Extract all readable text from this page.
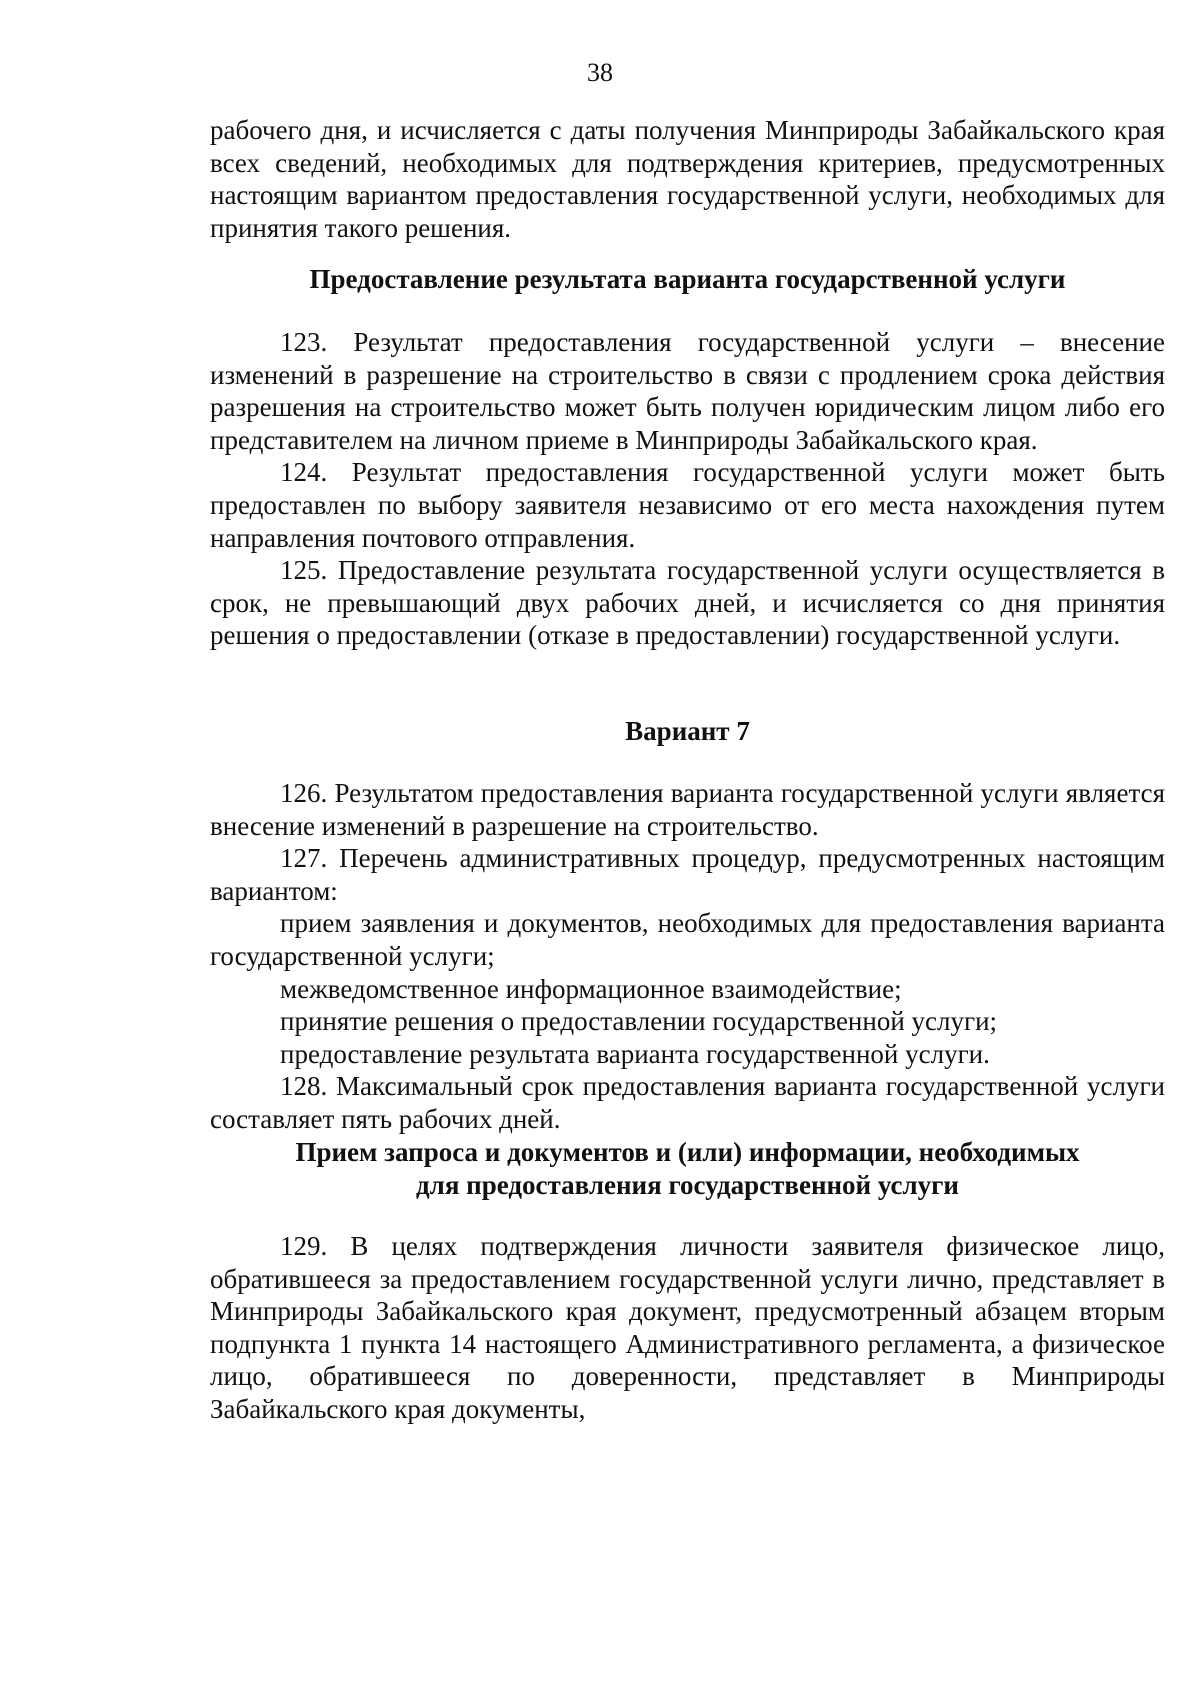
38

рабочего дня, и исчисляется с даты получения Минприроды Забайкальского края всех сведений, необходимых для подтверждения критериев, предусмотренных настоящим вариантом предоставления государственной услуги, необходимых для принятия такого решения.

Предоставление результата варианта государственной услуги

123. Результат предоставления государственной услуги – внесение изменений в разрешение на строительство в связи с продлением срока действия разрешения на строительство может быть получен юридическим лицом либо его представителем на личном приеме в Минприроды Забайкальского края.

124. Результат предоставления государственной услуги может быть предоставлен по выбору заявителя независимо от его места нахождения путем направления почтового отправления.

125. Предоставление результата государственной услуги осуществляется в срок, не превышающий двух рабочих дней, и исчисляется со дня принятия решения о предоставлении (отказе в предоставлении) государственной услуги.

Вариант 7

126. Результатом предоставления варианта государственной услуги является внесение изменений в разрешение на строительство.

127. Перечень административных процедур, предусмотренных настоящим вариантом:

прием заявления и документов, необходимых для предоставления варианта государственной услуги;

межведомственное информационное взаимодействие;

принятие решения о предоставлении государственной услуги;

предоставление результата варианта государственной услуги.

128. Максимальный срок предоставления варианта государственной услуги составляет пять рабочих дней.

Прием запроса и документов и (или) информации, необходимых
для предоставления государственной услуги

129. В целях подтверждения личности заявителя физическое лицо, обратившееся за предоставлением государственной услуги лично, представляет в Минприроды Забайкальского края документ, предусмотренный абзацем вторым подпункта 1 пункта 14 настоящего Административного регламента, а физическое лицо, обратившееся по доверенности, представляет в Минприроды Забайкальского края документы,
